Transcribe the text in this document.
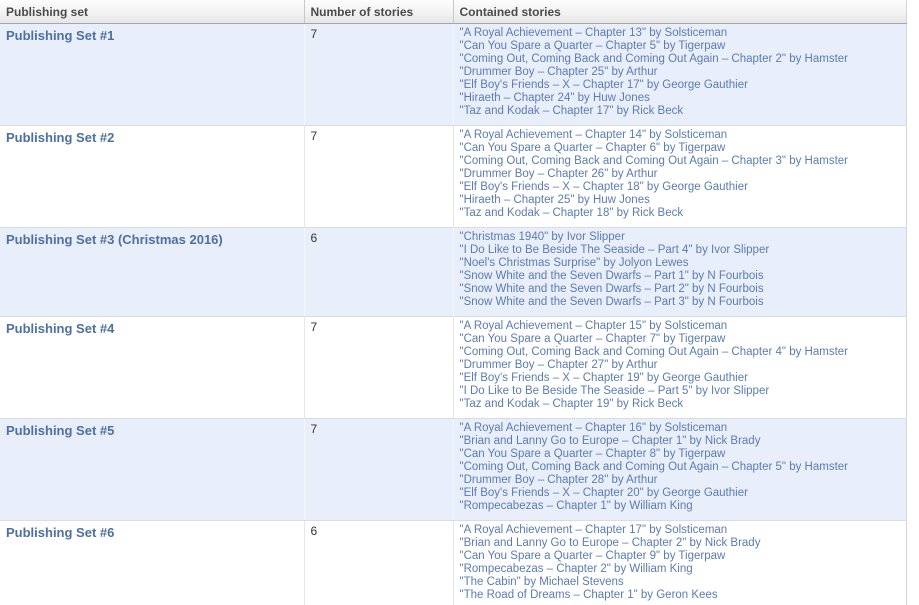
Publishing set	Number of stories	Contained stories
Publishing Set #1	7	"A Royal Achievement – Chapter 13" by Solsticeman
"Can You Spare a Quarter – Chapter 5" by Tigerpaw
"Coming Out, Coming Back and Coming Out Again – Chapter 2" by Hamster
"Drummer Boy – Chapter 25" by Arthur
"Elf Boy's Friends – X – Chapter 17" by George Gauthier
"Hiraeth – Chapter 24" by Huw Jones
"Taz and Kodak – Chapter 17" by Rick Beck

Publishing Set #2	7	"A Royal Achievement – Chapter 14" by Solsticeman
"Can You Spare a Quarter – Chapter 6" by Tigerpaw
"Coming Out, Coming Back and Coming Out Again – Chapter 3" by Hamster
"Drummer Boy – Chapter 26" by Arthur
"Elf Boy's Friends – X – Chapter 18" by George Gauthier
"Hiraeth – Chapter 25" by Huw Jones
"Taz and Kodak – Chapter 18" by Rick Beck

Publishing Set #3 (Christmas 2016)	6	"Christmas 1940" by Ivor Slipper
"I Do Like to Be Beside The Seaside – Part 4" by Ivor Slipper
"Noel's Christmas Surprise" by Jolyon Lewes
"Snow White and the Seven Dwarfs – Part 1" by N Fourbois
"Snow White and the Seven Dwarfs – Part 2" by N Fourbois
"Snow White and the Seven Dwarfs – Part 3" by N Fourbois

Publishing Set #4	7	"A Royal Achievement – Chapter 15" by Solsticeman
"Can You Spare a Quarter – Chapter 7" by Tigerpaw
"Coming Out, Coming Back and Coming Out Again – Chapter 4" by Hamster
"Drummer Boy – Chapter 27" by Arthur
"Elf Boy's Friends – X – Chapter 19" by George Gauthier
"I Do Like to Be Beside The Seaside – Part 5" by Ivor Slipper
"Taz and Kodak – Chapter 19" by Rick Beck

Publishing Set #5	7	"A Royal Achievement – Chapter 16" by Solsticeman
"Brian and Lanny Go to Europe – Chapter 1" by Nick Brady
"Can You Spare a Quarter – Chapter 8" by Tigerpaw
"Coming Out, Coming Back and Coming Out Again – Chapter 5" by Hamster
"Drummer Boy – Chapter 28" by Arthur
"Elf Boy's Friends – X – Chapter 20" by George Gauthier
"Rompecabezas – Chapter 1" by William King

Publishing Set #6	6	"A Royal Achievement – Chapter 17" by Solsticeman
"Brian and Lanny Go to Europe – Chapter 2" by Nick Brady
"Can You Spare a Quarter – Chapter 9" by Tigerpaw
"Rompecabezas – Chapter 2" by William King
"The Cabin" by Michael Stevens
"The Road of Dreams – Chapter 1" by Geron Kees
